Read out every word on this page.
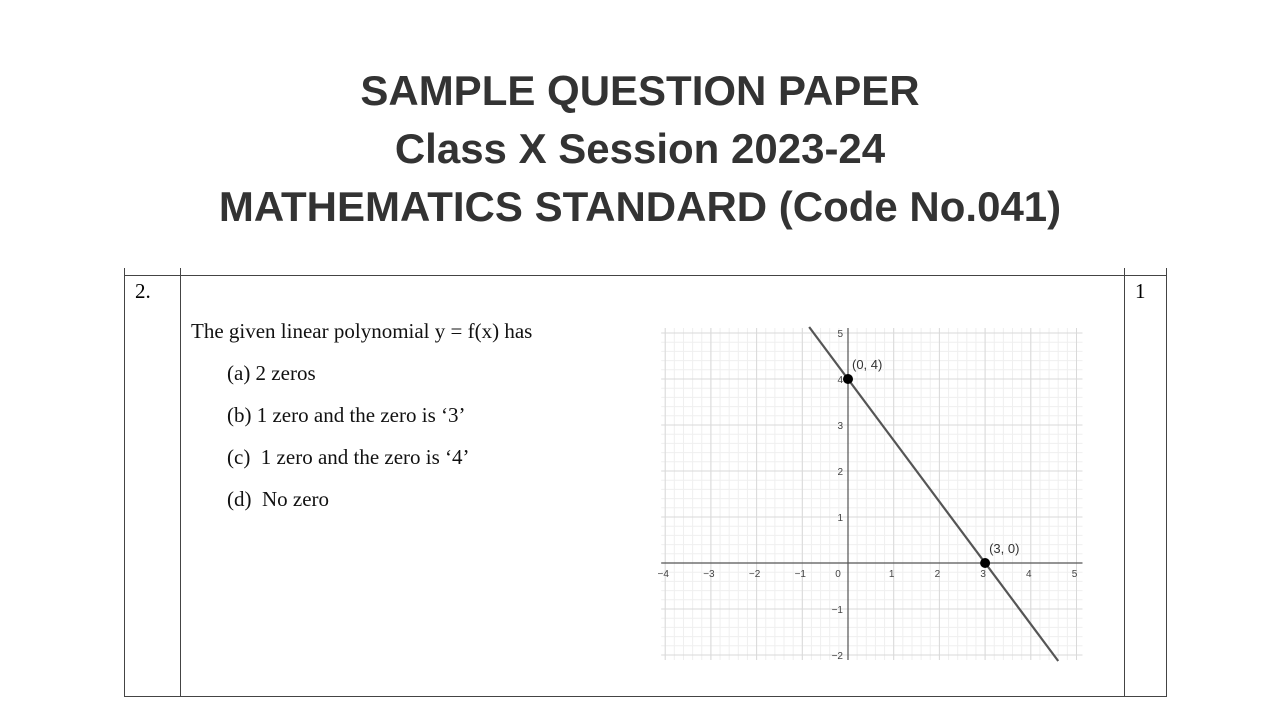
SAMPLE QUESTION PAPER

Class X Session 2023-24

MATHEMATICS STANDARD (Code No.041)

2.	1
The given linear polynomial y = f(x) has
(a) 2 zeros
(b) 1 zero and the zero is ‘3’
(c)  1 zero and the zero is ‘4’
(d)  No zero
−4	−3	−2	−1	0	1	2	3	4	5
−2
−1
1
2
3
4
5
(0, 4)
(3, 0)
